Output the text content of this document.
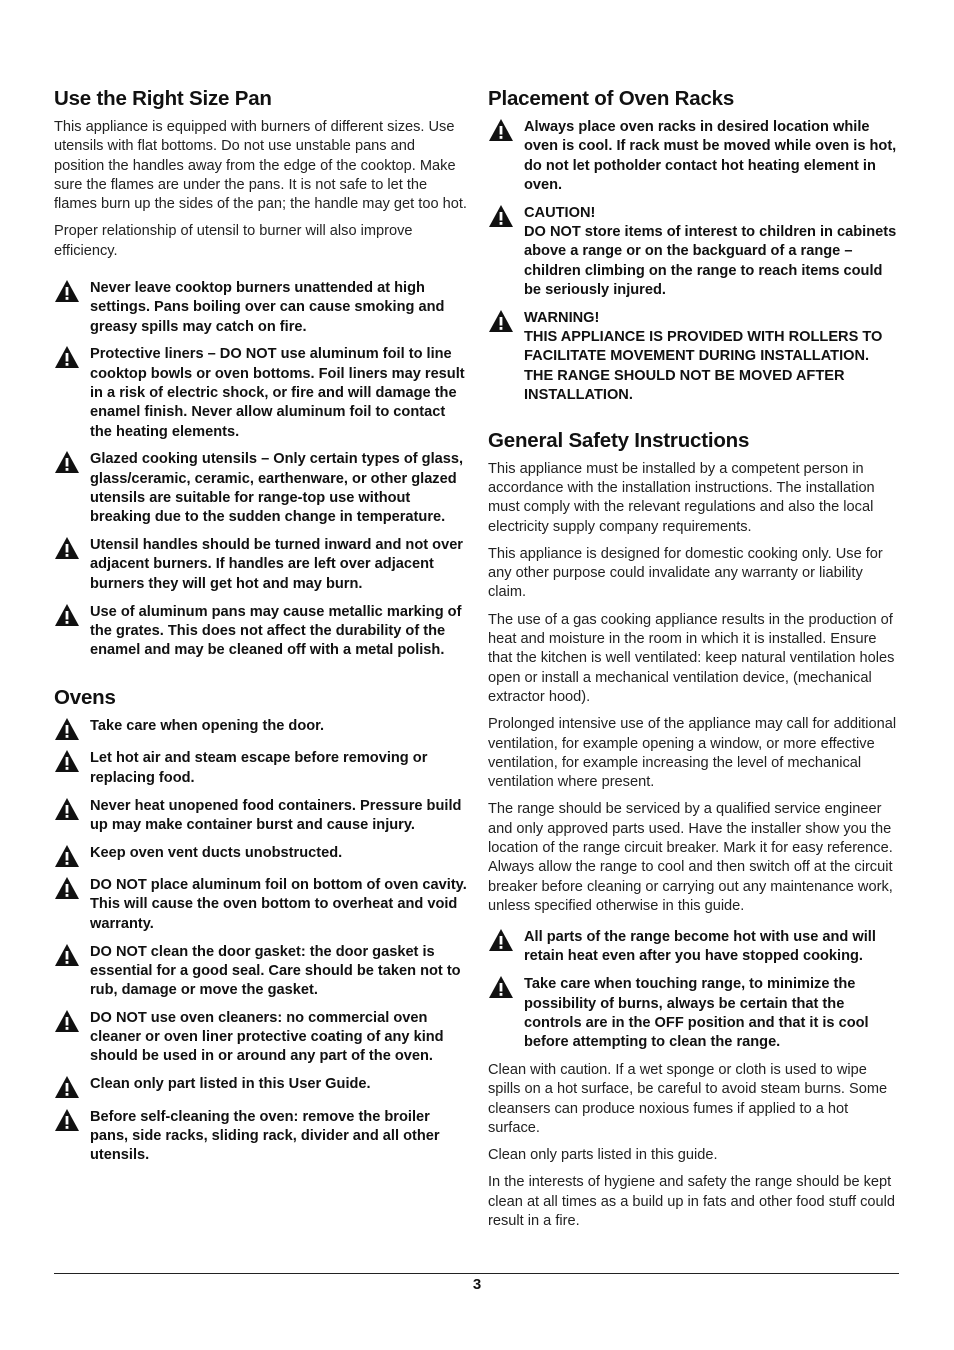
Use the Right Size Pan

This appliance is equipped with burners of different sizes. Use utensils with flat bottoms. Do not use unstable pans and position the handles away from the edge of the cooktop. Make sure the flames are under the pans. It is not safe to let the flames burn up the sides of the pan; the handle may get too hot.

Proper relationship of utensil to burner will also improve efficiency.

Never leave cooktop burners unattended at high settings. Pans boiling over can cause smoking and greasy spills may catch on fire.
Protective liners – DO NOT use aluminum foil to line cooktop bowls or oven bottoms. Foil liners may result in a risk of electric shock, or fire and will damage the enamel finish. Never allow aluminum foil to contact the heating elements.
Glazed cooking utensils – Only certain types of glass, glass/ceramic, ceramic, earthenware, or other glazed utensils are suitable for range-top use without breaking due to the sudden change in temperature.
Utensil handles should be turned inward and not over adjacent burners. If handles are left over adjacent burners they will get hot and may burn.
Use of aluminum pans may cause metallic marking of the grates. This does not affect the durability of the enamel and may be cleaned off with a metal polish.
Ovens
Take care when opening the door.
Let hot air and steam escape before removing or replacing food.
Never heat unopened food containers. Pressure build up may make container burst and cause injury.
Keep oven vent ducts unobstructed.
DO NOT place aluminum foil on bottom of oven cavity. This will cause the oven bottom to overheat and void warranty.
DO NOT clean the door gasket: the door gasket is essential for a good seal. Care should be taken not to rub, damage or move the gasket.
DO NOT use oven cleaners: no commercial oven cleaner or oven liner protective coating of any kind should be used in or around any part of the oven.
Clean only part listed in this User Guide.
Before self-cleaning the oven: remove the broiler pans, side racks, sliding rack, divider and all other utensils.
Placement of Oven Racks
Always place oven racks in desired location while oven is cool. If rack must be moved while oven is hot, do not let potholder contact hot heating element in oven.
CAUTION!
DO NOT store items of interest to children in cabinets above a range or on the backguard of a range – children climbing on the range to reach items could be seriously injured.
WARNING!
THIS APPLIANCE IS PROVIDED WITH ROLLERS TO FACILITATE MOVEMENT DURING INSTALLATION. THE RANGE SHOULD NOT BE MOVED AFTER INSTALLATION.
General Safety Instructions

This appliance must be installed by a competent person in accordance with the installation instructions. The installation must comply with the relevant regulations and also the local electricity supply company requirements.

This appliance is designed for domestic cooking only. Use for any other purpose could invalidate any warranty or liability claim.

The use of a gas cooking appliance results in the production of heat and moisture in the room in which it is installed. Ensure that the kitchen is well ventilated: keep natural ventilation holes open or install a mechanical ventilation device, (mechanical extractor hood).

Prolonged intensive use of the appliance may call for additional ventilation, for example opening a window, or more effective ventilation, for example increasing the level of mechanical ventilation where present.

The range should be serviced by a qualified service engineer and only approved parts used. Have the installer show you the location of the range circuit breaker. Mark it for easy reference. Always allow the range to cool and then switch off at the circuit breaker before cleaning or carrying out any maintenance work, unless specified otherwise in this guide.

All parts of the range become hot with use and will retain heat even after you have stopped cooking.
Take care when touching range, to minimize the possibility of burns, always be certain that the controls are in the OFF position and that it is cool before attempting to clean the range.

Clean with caution. If a wet sponge or cloth is used to wipe spills on a hot surface, be careful to avoid steam burns. Some cleansers can produce noxious fumes if applied to a hot surface.

Clean only parts listed in this guide.

In the interests of hygiene and safety the range should be kept clean at all times as a build up in fats and other food stuff could result in a fire.

3
